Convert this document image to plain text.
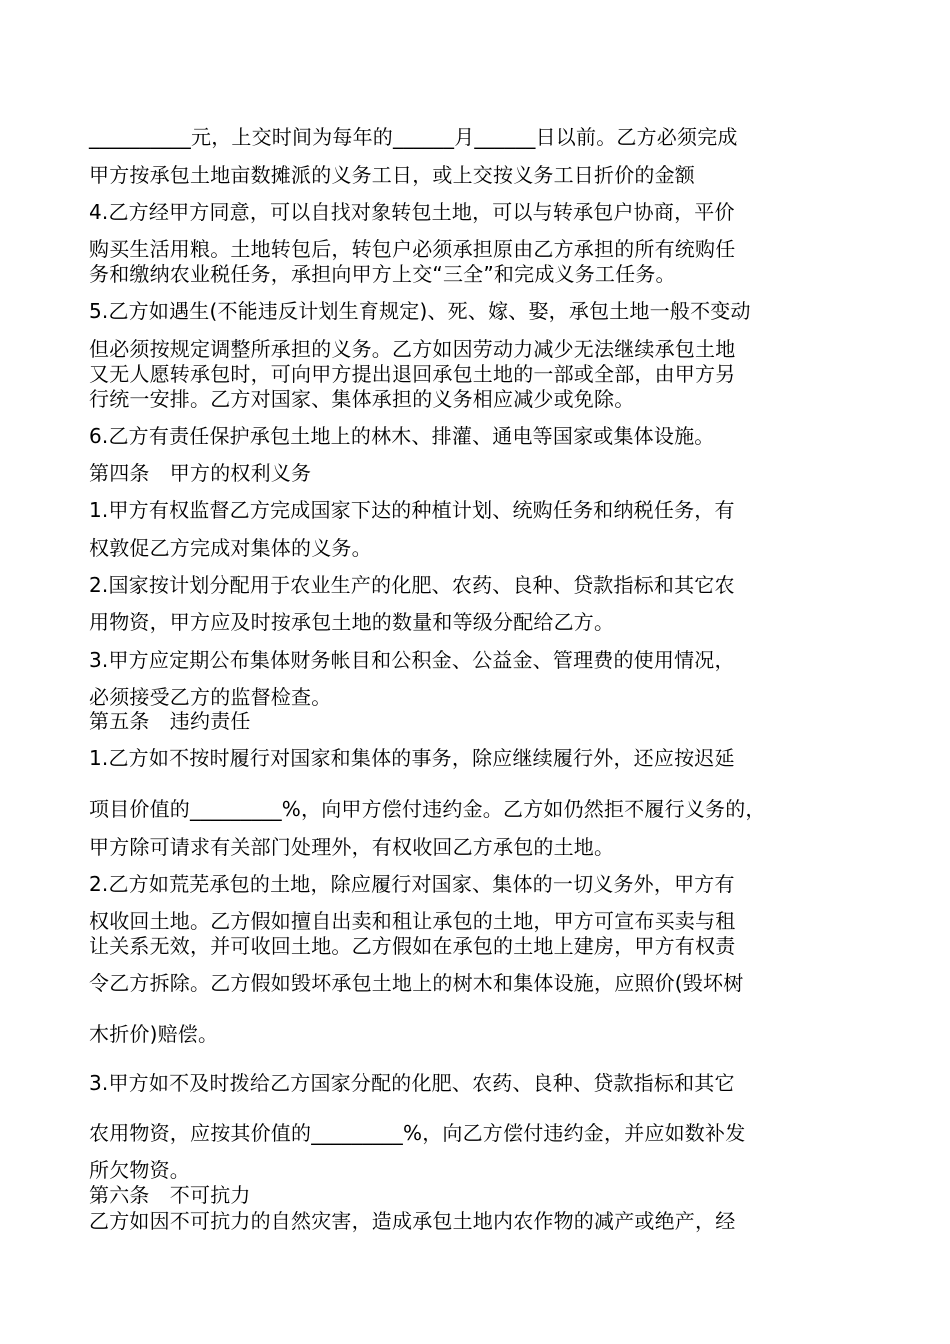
__________元，上交时间为每年的______月______日以前。乙方必须完成
甲方按承包土地亩数摊派的义务工日，或上交按义务工日折价的金额
4.乙方经甲方同意，可以自找对象转包土地，可以与转承包户协商，平价
购买生活用粮。土地转包后，转包户必须承担原由乙方承担的所有统购任
务和缴纳农业税任务，承担向甲方上交“三全”和完成义务工任务。
5.乙方如遇生(不能违反计划生育规定)、死、嫁、娶，承包土地一般不变动
但必须按规定调整所承担的义务。乙方如因劳动力减少无法继续承包土地
又无人愿转承包时，可向甲方提出退回承包土地的一部或全部，由甲方另
行统一安排。乙方对国家、集体承担的义务相应减少或免除。
6.乙方有责任保护承包土地上的林木、排灌、通电等国家或集体设施。
第四条　甲方的权利义务
1.甲方有权监督乙方完成国家下达的种植计划、统购任务和纳税任务，有
权敦促乙方完成对集体的义务。
2.国家按计划分配用于农业生产的化肥、农药、良种、贷款指标和其它农
用物资，甲方应及时按承包土地的数量和等级分配给乙方。
3.甲方应定期公布集体财务帐目和公积金、公益金、管理费的使用情况，
必须接受乙方的监督检查。
第五条　违约责任
1.乙方如不按时履行对国家和集体的事务，除应继续履行外，还应按迟延
项目价值的_________%，向甲方偿付违约金。乙方如仍然拒不履行义务的，
甲方除可请求有关部门处理外，有权收回乙方承包的土地。
2.乙方如荒芜承包的土地，除应履行对国家、集体的一切义务外，甲方有
权收回土地。乙方假如擅自出卖和租让承包的土地，甲方可宣布买卖与租
让关系无效，并可收回土地。乙方假如在承包的土地上建房，甲方有权责
令乙方拆除。乙方假如毁坏承包土地上的树木和集体设施，应照价(毁坏树
木折价)赔偿。
3.甲方如不及时拨给乙方国家分配的化肥、农药、良种、贷款指标和其它
农用物资，应按其价值的_________%，向乙方偿付违约金，并应如数补发
所欠物资。
第六条　不可抗力
乙方如因不可抗力的自然灾害，造成承包土地内农作物的减产或绝产，经
